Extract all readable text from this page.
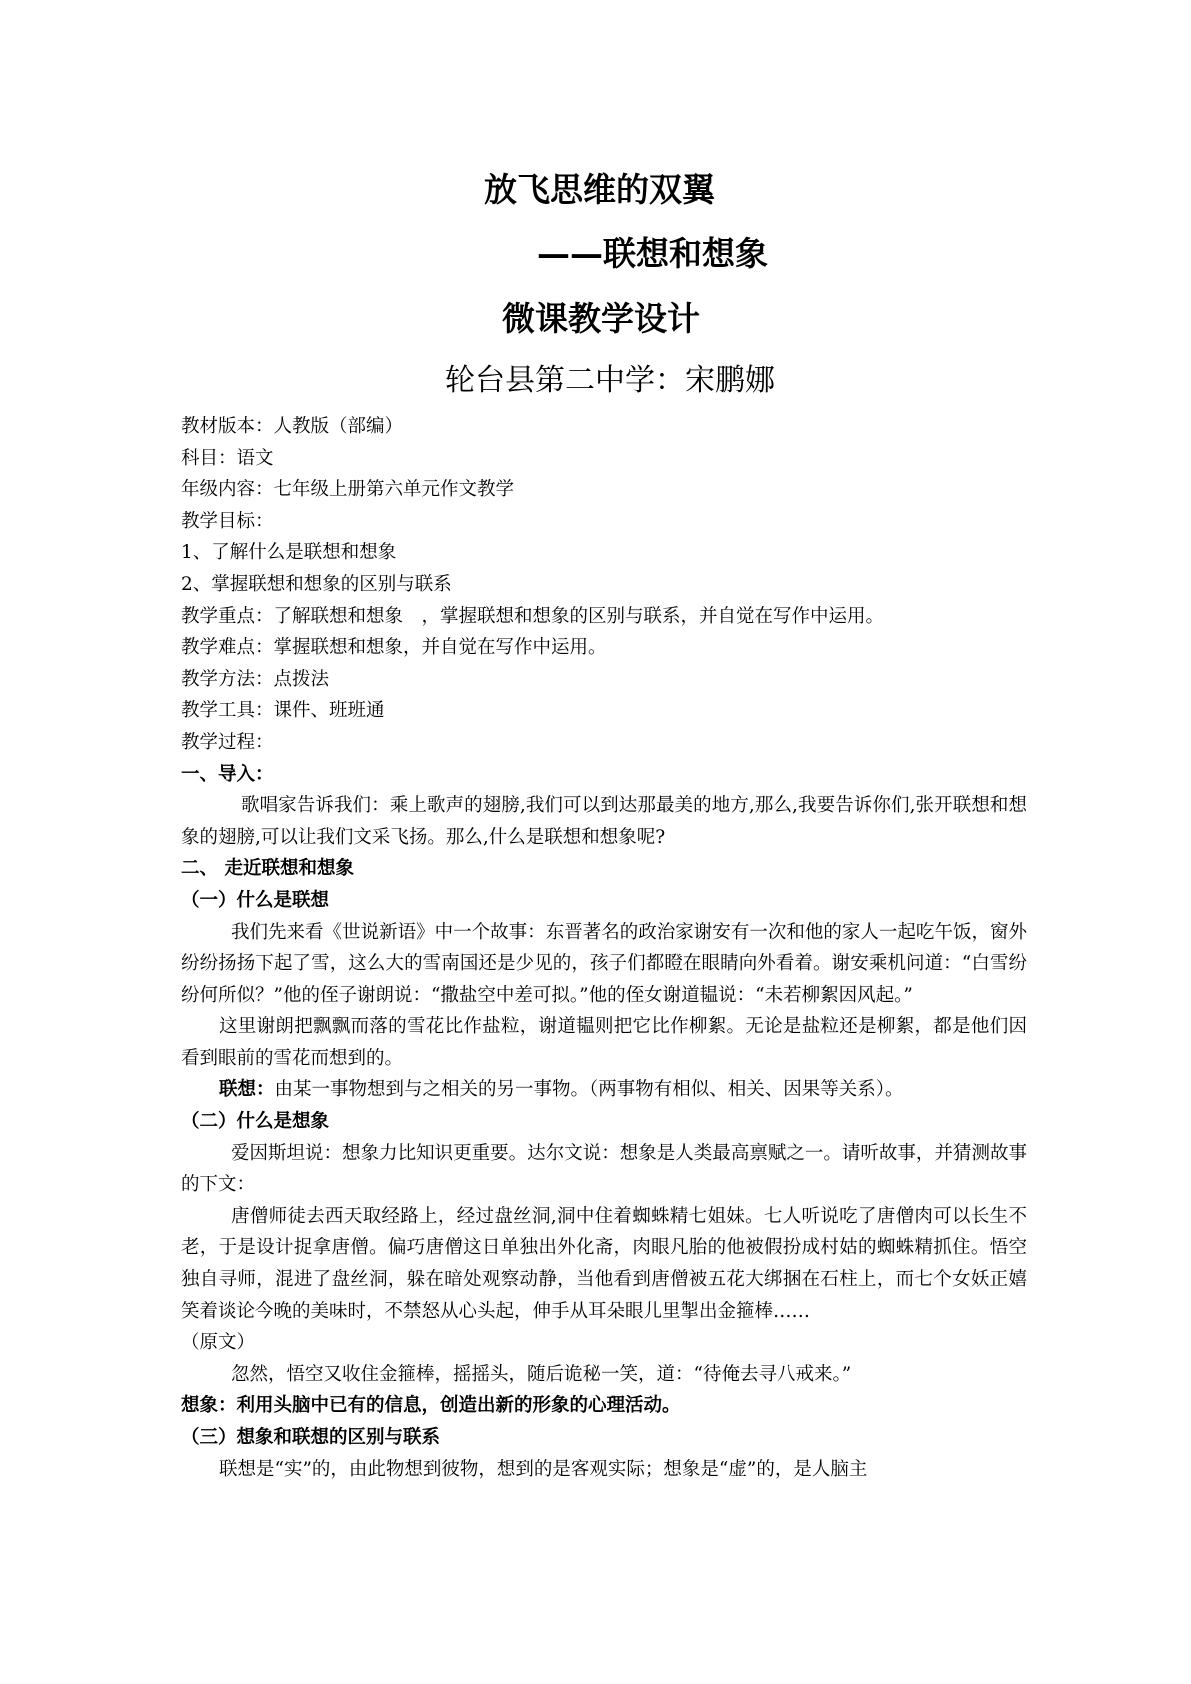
放飞思维的双翼
——联想和想象
微课教学设计
轮台县第二中学：宋鹏娜

教材版本：人教版（部编）

科目：语文

年级内容：七年级上册第六单元作文教学

教学目标：

1、了解什么是联想和想象

2、掌握联想和想象的区别与联系

教学重点：了解联想和想象　，掌握联想和想象的区别与联系，并自觉在写作中运用。

教学难点：掌握联想和想象，并自觉在写作中运用。

教学方法：点拨法

教学工具：课件、班班通

教学过程：

一、导入：

歌唱家告诉我们：乘上歌声的翅膀,我们可以到达那最美的地方,那么,我要告诉你们,张开联想和想象的翅膀,可以让我们文采飞扬。那么,什么是联想和想象呢?

二、 走近联想和想象

（一）什么是联想

我们先来看《世说新语》中一个故事：东晋著名的政治家谢安有一次和他的家人一起吃午饭，窗外纷纷扬扬下起了雪，这么大的雪南国还是少见的，孩子们都瞪在眼睛向外看着。谢安乘机问道：“白雪纷纷何所似？”他的侄子谢朗说：“撒盐空中差可拟。”他的侄女谢道韫说：“未若柳絮因风起。”

这里谢朗把飘飘而落的雪花比作盐粒，谢道韫则把它比作柳絮。无论是盐粒还是柳絮，都是他们因看到眼前的雪花而想到的。

联想：由某一事物想到与之相关的另一事物。（两事物有相似、相关、因果等关系）。

（二）什么是想象

爱因斯坦说：想象力比知识更重要。达尔文说：想象是人类最高禀赋之一。请听故事，并猜测故事的下文：

唐僧师徒去西天取经路上，经过盘丝洞,洞中住着蜘蛛精七姐妹。七人听说吃了唐僧肉可以长生不老，于是设计捉拿唐僧。偏巧唐僧这日单独出外化斋，肉眼凡胎的他被假扮成村姑的蜘蛛精抓住。悟空独自寻师，混进了盘丝洞，躲在暗处观察动静，当他看到唐僧被五花大绑捆在石柱上，而七个女妖正嬉笑着谈论今晚的美味时，不禁怒从心头起，伸手从耳朵眼儿里掣出金箍棒……

（原文）

忽然，悟空又收住金箍棒，摇摇头，随后诡秘一笑，道：“待俺去寻八戒来。”

想象：利用头脑中已有的信息，创造出新的形象的心理活动。

（三）想象和联想的区别与联系

联想是“实”的，由此物想到彼物，想到的是客观实际；想象是“虚”的，是人脑主
